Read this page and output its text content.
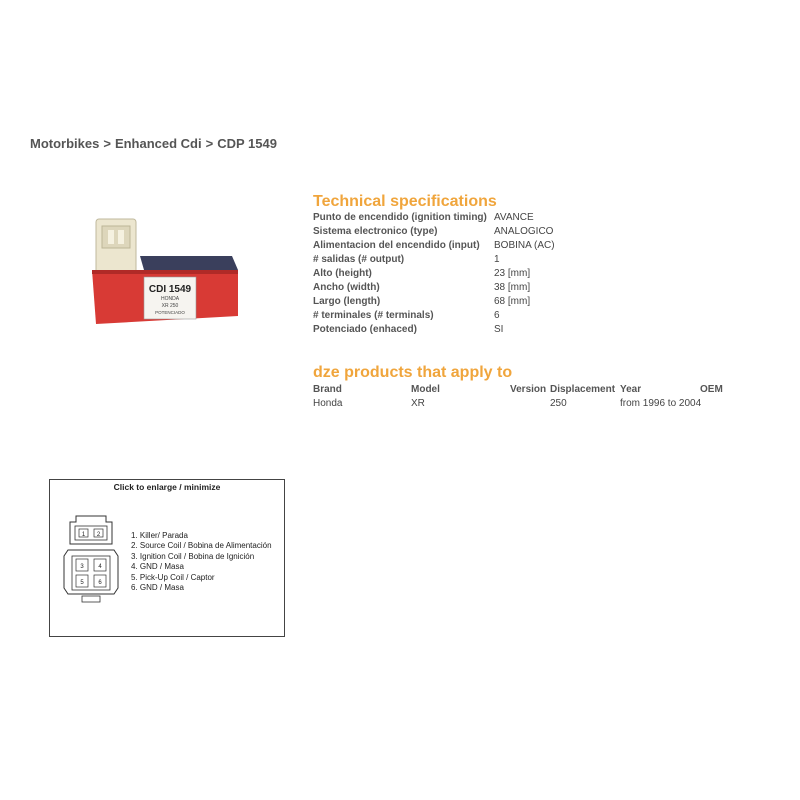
Motorbikes > Enhanced Cdi > CDP 1549
CDI 1549
HONDA
XR 250
POTENCIADO
Technical specifications
Punto de encendido (ignition timing) AVANCE
Sistema electronico (type)	ANALOGICO
Alimentacion del encendido (input)	BOBINA (AC)
# salidas (# output)	1
Alto (height)	23 [mm]
Ancho (width)	38 [mm]
Largo (length)	68 [mm]
# terminales (# terminals)	6
Potenciado (enhaced)	SI
dze products that apply to
Brand	Model	Version	Displacement	Year	OEM
Honda	XR		250	from 1996 to 2004	
Click to enlarge / minimize
1 2
3 4
5 6
1. Killer/ Parada
2. Source Coil / Bobina de Alimentación
3. Ignition Coil / Bobina de Ignición
4. GND / Masa
5. Pick-Up Coil / Captor
6. GND / Masa
